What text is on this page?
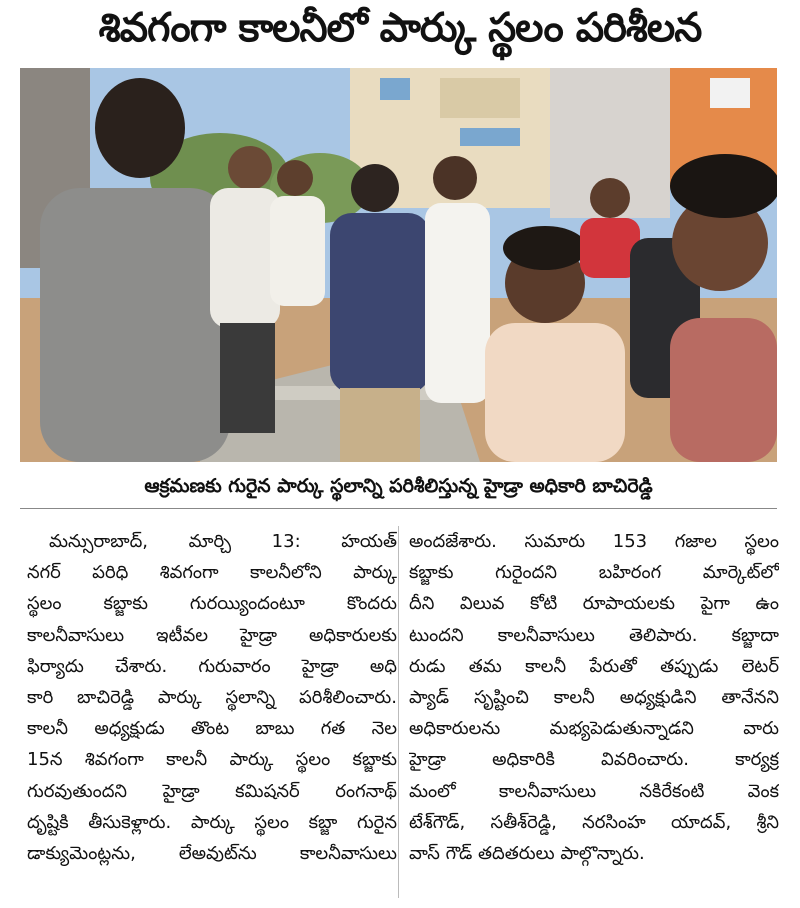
శివగంగా కాలనీలో పార్కు స్థలం పరిశీలన
ఆక్రమణకు గురైన పార్కు స్థలాన్ని పరిశీలిస్తున్న హైడ్రా అధికారి బాచిరెడ్డి
మన్సురాబాద్, మార్చి 13: హయత్
నగర్ పరిధి శివగంగా కాలనీలోని పార్కు
స్థలం కబ్జాకు గురయ్యిందంటూ కొందరు
కాలనీవాసులు ఇటీవల హైడ్రా అధికారులకు
ఫిర్యాదు చేశారు. గురువారం హైడ్రా అధి
కారి బాచిరెడ్డి పార్కు స్థలాన్ని పరిశీలించారు.
కాలనీ అధ్యక్షుడు తొంట బాబు గత నెల
15న శివగంగా కాలనీ పార్కు స్థలం కబ్జాకు
గురవుతుందని హైడ్రా కమిషనర్ రంగనాథ్
దృష్టికి తీసుకెళ్లారు. పార్కు స్థలం కబ్జా గురైన
డాక్యుమెంట్లను, లేఅవుట్‌ను కాలనీవాసులు
అందజేశారు. సుమారు 153 గజాల స్థలం
కబ్జాకు గురైందని బహిరంగ మార్కెట్‌లో
దీని విలువ కోటి రూపాయలకు పైగా ఉం
టుందని కాలనీవాసులు తెలిపారు. కబ్జాదా
రుడు తమ కాలనీ పేరుతో తప్పుడు లెటర్
ప్యాడ్ సృష్టించి కాలనీ అధ్యక్షుడిని తానేనని
అధికారులను మభ్యపెడుతున్నాడని వారు
హైడ్రా అధికారికి వివరించారు. కార్యక్ర
మంలో కాలనీవాసులు నకిరేకంటి వెంక
టేశ్‌గౌడ్, సతీశ్‌రెడ్డి, నరసింహ యాదవ్, శ్రీని
వాస్ గౌడ్ తదితరులు పాల్గొన్నారు.
